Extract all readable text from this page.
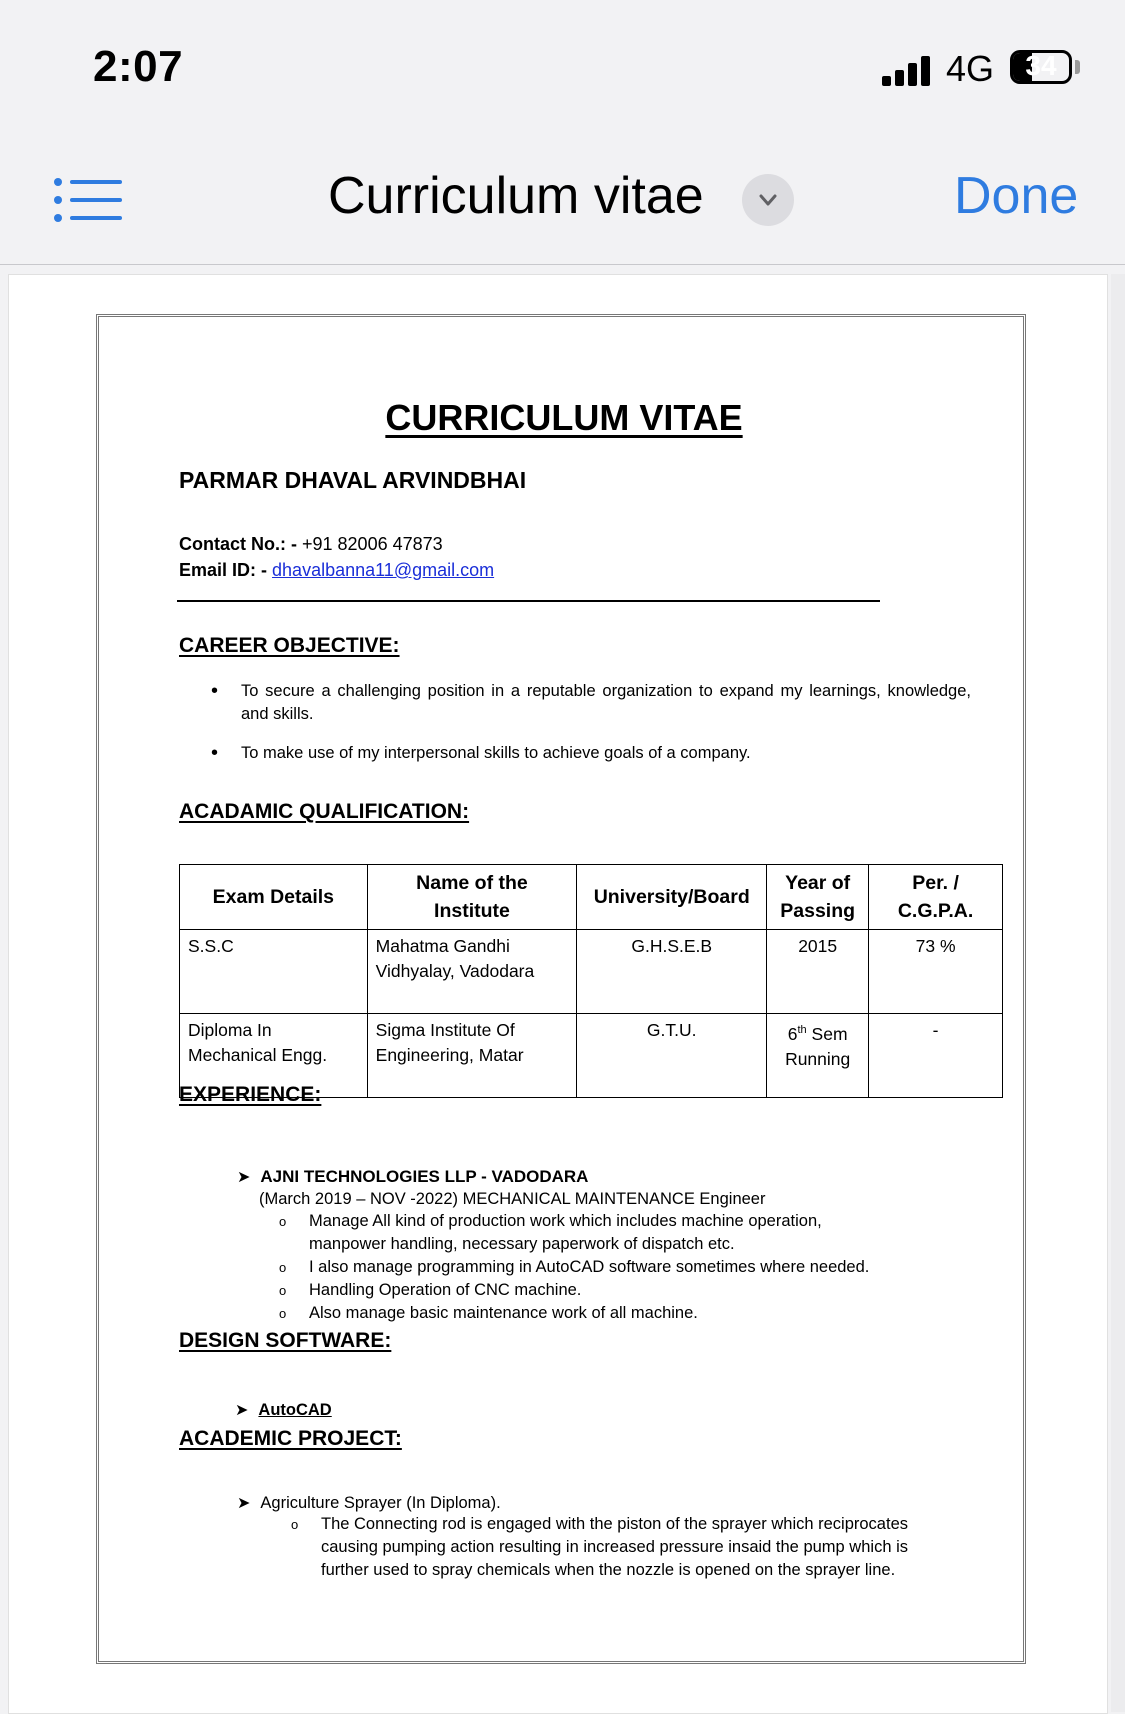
2:07	4G	34
Curriculum vitae	Done
CURRICULUM VITAE
PARMAR DHAVAL ARVINDBHAI
Contact No.: - +91 82006 47873
Email ID: - dhavalbanna11@gmail.com
CAREER OBJECTIVE:
• To secure a challenging position in a reputable organization to expand my learnings, knowledge, and skills.
• To make use of my interpersonal skills to achieve goals of a company.
ACADAMIC QUALIFICATION:
Exam Details	Name of the Institute	University/Board	Year of Passing	Per. / C.G.P.A.
S.S.C	Mahatma Gandhi Vidhyalay, Vadodara	G.H.S.E.B	2015	73 %
Diploma In Mechanical Engg.	Sigma Institute Of Engineering, Matar	G.T.U.	6th Sem Running	-
EXPERIENCE:
➤ AJNI TECHNOLOGIES LLP - VADODARA
(March 2019 – NOV -2022) MECHANICAL MAINTENANCE Engineer
o Manage All kind of production work which includes machine operation, manpower handling, necessary paperwork of dispatch etc.
o I also manage programming in AutoCAD software sometimes where needed.
o Handling Operation of CNC machine.
o Also manage basic maintenance work of all machine.
DESIGN SOFTWARE:
➤ AutoCAD
ACADEMIC PROJECT:
➤ Agriculture Sprayer (In Diploma).
o The Connecting rod is engaged with the piston of the sprayer which reciprocates causing pumping action resulting in increased pressure insaid the pump which is further used to spray chemicals when the nozzle is opened on the sprayer line.
